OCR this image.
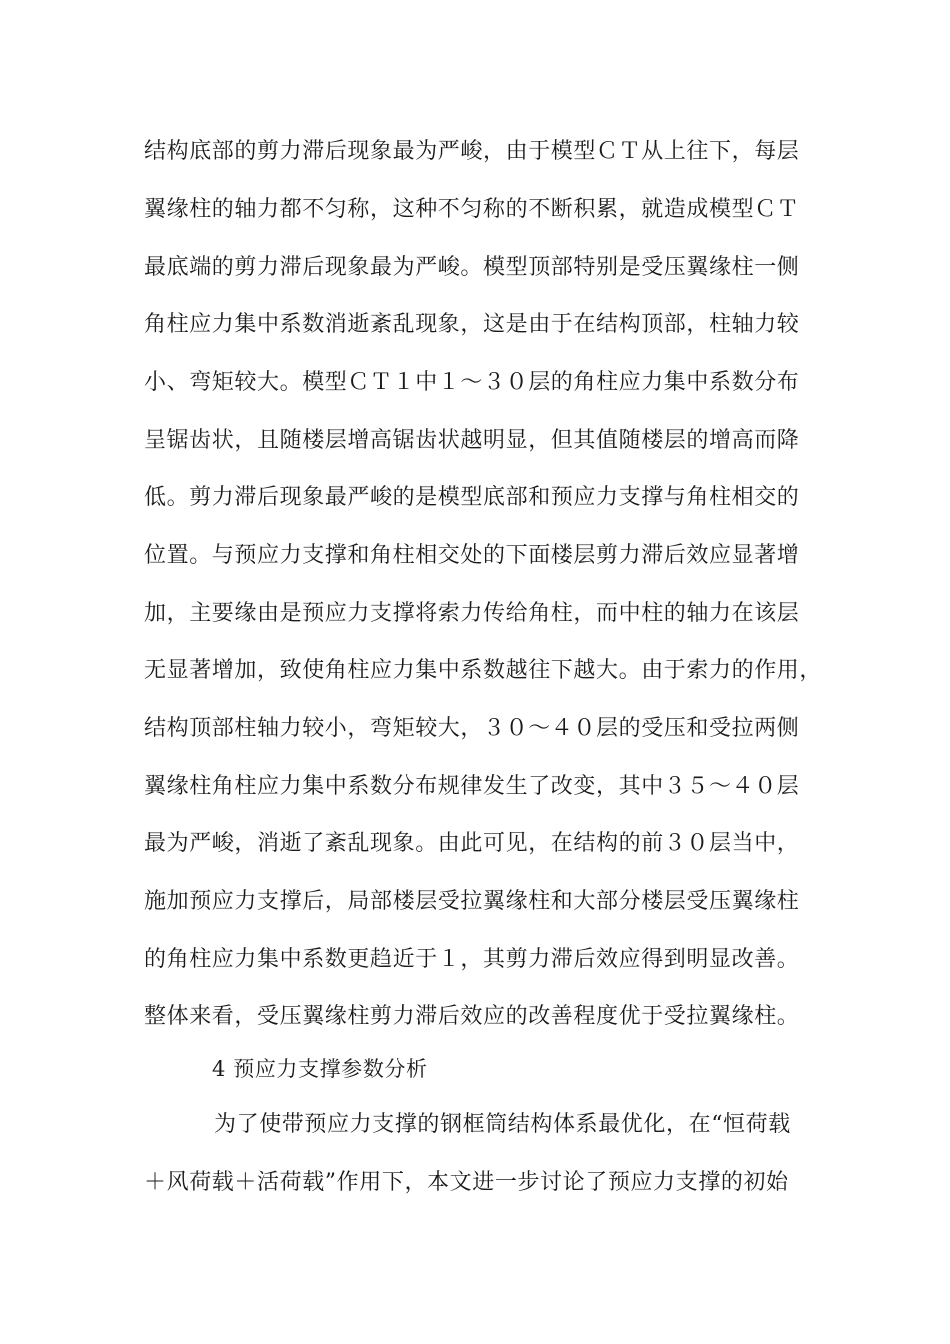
结构底部的剪力滞后现象最为严峻，由于模型ＣＴ从上往下，每层
翼缘柱的轴力都不匀称，这种不匀称的不断积累，就造成模型ＣＴ
最底端的剪力滞后现象最为严峻。模型顶部特别是受压翼缘柱一侧
角柱应力集中系数消逝紊乱现象，这是由于在结构顶部，柱轴力较
小、弯矩较大。模型ＣＴ１中１～３０层的角柱应力集中系数分布
呈锯齿状，且随楼层增高锯齿状越明显，但其值随楼层的增高而降
低。剪力滞后现象最严峻的是模型底部和预应力支撑与角柱相交的
位置。与预应力支撑和角柱相交处的下面楼层剪力滞后效应显著增
加，主要缘由是预应力支撑将索力传给角柱，而中柱的轴力在该层
无显著增加，致使角柱应力集中系数越往下越大。由于索力的作用，
结构顶部柱轴力较小，弯矩较大，３０～４０层的受压和受拉两侧
翼缘柱角柱应力集中系数分布规律发生了改变，其中３５～４０层
最为严峻，消逝了紊乱现象。由此可见，在结构的前３０层当中，
施加预应力支撑后，局部楼层受拉翼缘柱和大部分楼层受压翼缘柱
的角柱应力集中系数更趋近于１，其剪力滞后效应得到明显改善。
整体来看，受压翼缘柱剪力滞后效应的改善程度优于受拉翼缘柱。
4 预应力支撑参数分析
为了使带预应力支撑的钢框筒结构体系最优化，在“恒荷载
＋风荷载＋活荷载”作用下，本文进一步讨论了预应力支撑的初始
